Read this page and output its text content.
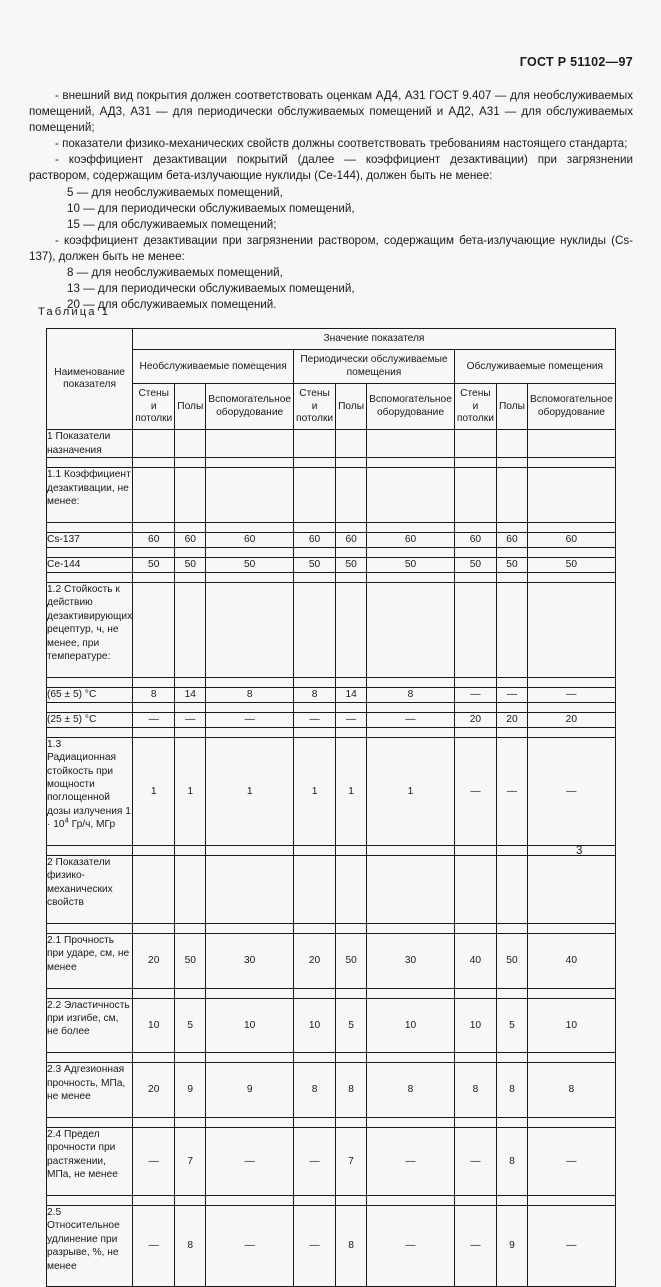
ГОСТ Р 51102—97

- внешний вид покрытия должен соответствовать оценкам АД4, А31 ГОСТ 9.407 — для необслуживаемых помещений, АД3, А31 — для периодически обслуживаемых помещений и АД2, А31 — для обслуживаемых помещений;

- показатели физико-механических свойств должны соответствовать требованиям настоящего стандарта;

- коэффициент дезактивации покрытий (далее — коэффициент дезактивации) при загрязнении раствором, содержащим бета-излучающие нуклиды (Се-144), должен быть не менее:

5 — для необслуживаемых помещений,

10 — для периодически обслуживаемых помещений,

15 — для обслуживаемых помещений;

- коэффициент дезактивации при загрязнении раствором, содержащим бета-излучающие нуклиды (Cs-137), должен быть не менее:

8 — для необслуживаемых помещений,

13 — для периодически обслуживаемых помещений,

20 — для обслуживаемых помещений.

Таблица 1
Наименование показателя	Значение показателя								
	Необслуживаемые помещения			Периодически обслуживаемые помещения			Обслуживаемые помещения		
	Стены и потолки	Полы	Вспомогательное оборудование	Стены и потолки	Полы	Вспомогательное оборудование	Стены и потолки	Полы	Вспомогательное оборудование
1 Показатели назначения									

1.1 Коэффициент дезактивации, не менее:									

Cs-137	60	60	60	60	60	60	60	60	60

Ce-144	50	50	50	50	50	50	50	50	50

1.2 Стойкость к действию дезактивирующих рецептур, ч, не менее, при температуре:									

(65 ± 5) °C	8	14	8	8	14	8	—	—	—

(25 ± 5) °C	—	—	—	—	—	—	20	20	20

1.3 Радиационная стойкость при мощности поглощенной дозы излучения $1 \cdot 10^4$ Гр/ч, МГр	1	1	1	1	1	1	—	—	—

2 Показатели физико-механических свойств									

2.1 Прочность при ударе, см, не менее	20	50	30	20	50	30	40	50	40

2.2 Эластичность при изгибе, см, не более	10	5	10	10	5	10	10	5	10

2.3 Адгезионная прочность, МПа, не менее	20	9	9	8	8	8	8	8	8

2.4 Предел прочности при растяжении, МПа, не менее	—	7	—	—	7	—	—	8	—

2.5 Относительное удлинение при разрыве, %, не менее	—	8	—	—	8	—	—	9	—
3
